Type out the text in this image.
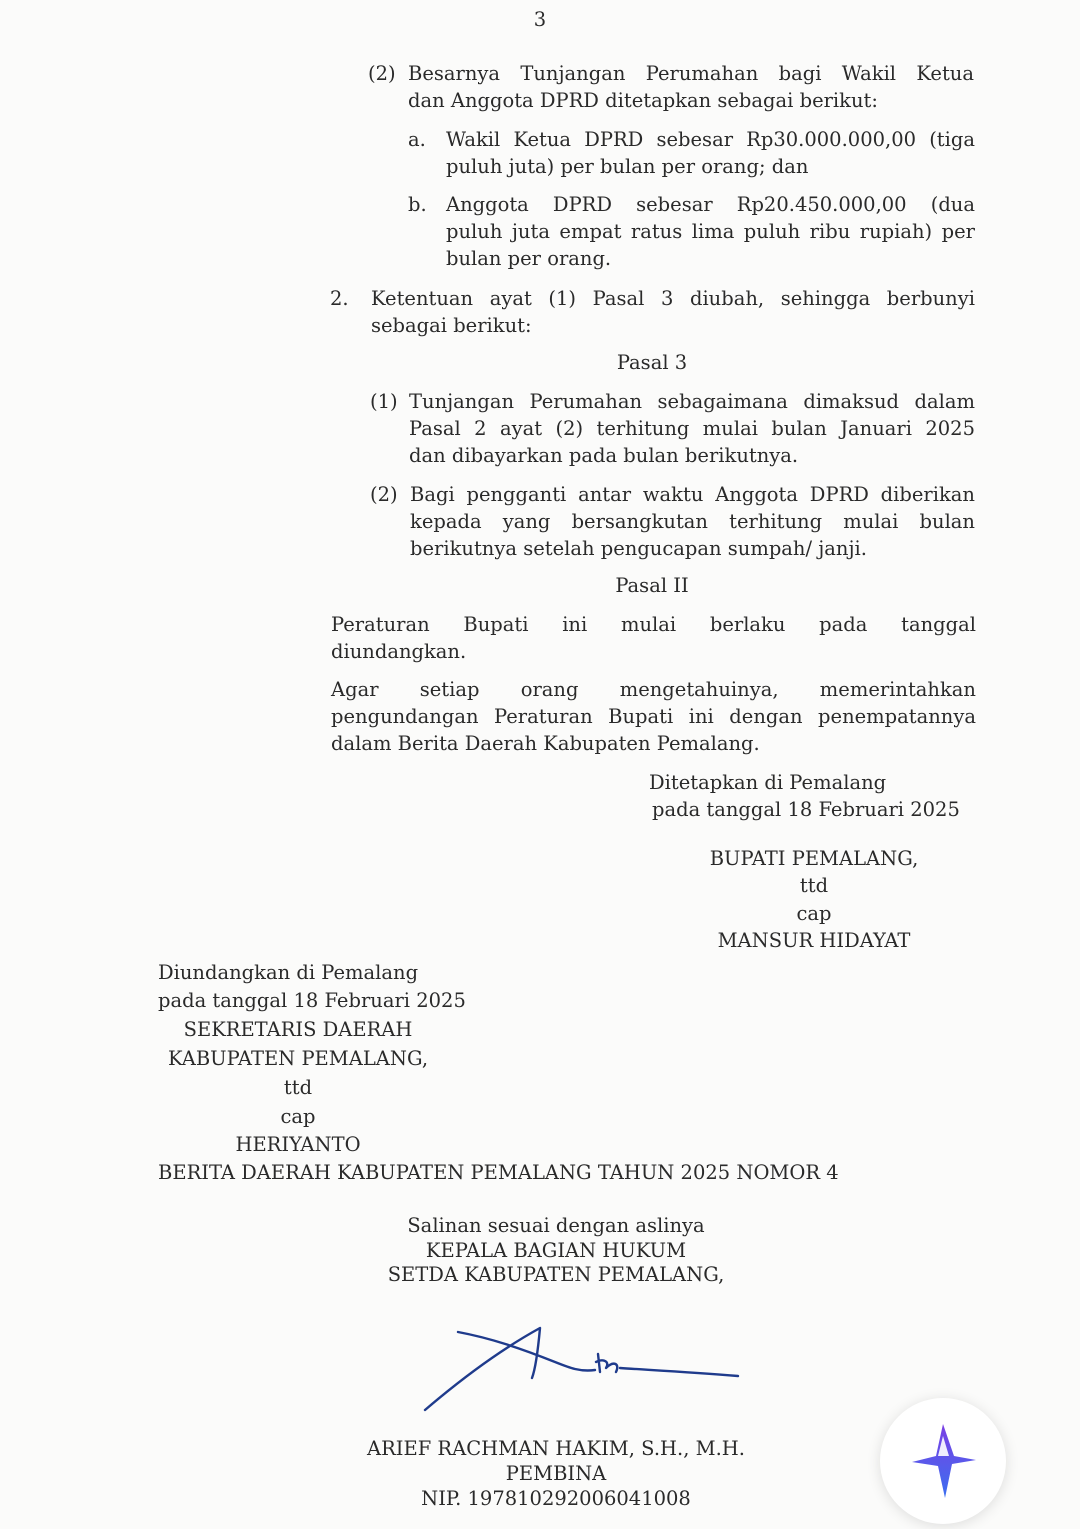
3
(2) Besarnya Tunjangan Perumahan bagi Wakil Ketua

dan Anggota DPRD ditetapkan sebagai berikut:

a. Wakil Ketua DPRD sebesar Rp30.000.000,00 (tiga

puluh juta) per bulan per orang; dan

b. Anggota DPRD sebesar Rp20.450.000,00 (dua

puluh juta empat ratus lima puluh ribu rupiah) per

bulan per orang.

2. Ketentuan ayat (1) Pasal 3 diubah, sehingga berbunyi

sebagai berikut:

Pasal 3

(1) Tunjangan Perumahan sebagaimana dimaksud dalam

Pasal 2 ayat (2) terhitung mulai bulan Januari 2025

dan dibayarkan pada bulan berikutnya.

(2) Bagi pengganti antar waktu Anggota DPRD diberikan

kepada yang bersangkutan terhitung mulai bulan

berikutnya setelah pengucapan sumpah/ janji.

Pasal II

Peraturan Bupati ini mulai berlaku pada tanggal

diundangkan.

Agar setiap orang mengetahuinya, memerintahkan

pengundangan Peraturan Bupati ini dengan penempatannya

dalam Berita Daerah Kabupaten Pemalang.

Ditetapkan di Pemalang

pada tanggal 18 Februari 2025

BUPATI PEMALANG,

ttd

cap

MANSUR HIDAYAT

Diundangkan di Pemalang

pada tanggal 18 Februari 2025

SEKRETARIS DAERAH

KABUPATEN PEMALANG,

ttd

cap

HERIYANTO

BERITA DAERAH KABUPATEN PEMALANG TAHUN 2025 NOMOR 4

Salinan sesuai dengan aslinya

KEPALA BAGIAN HUKUM

SETDA KABUPATEN PEMALANG,

ARIEF RACHMAN HAKIM, S.H., M.H.

PEMBINA

NIP. 197810292006041008
